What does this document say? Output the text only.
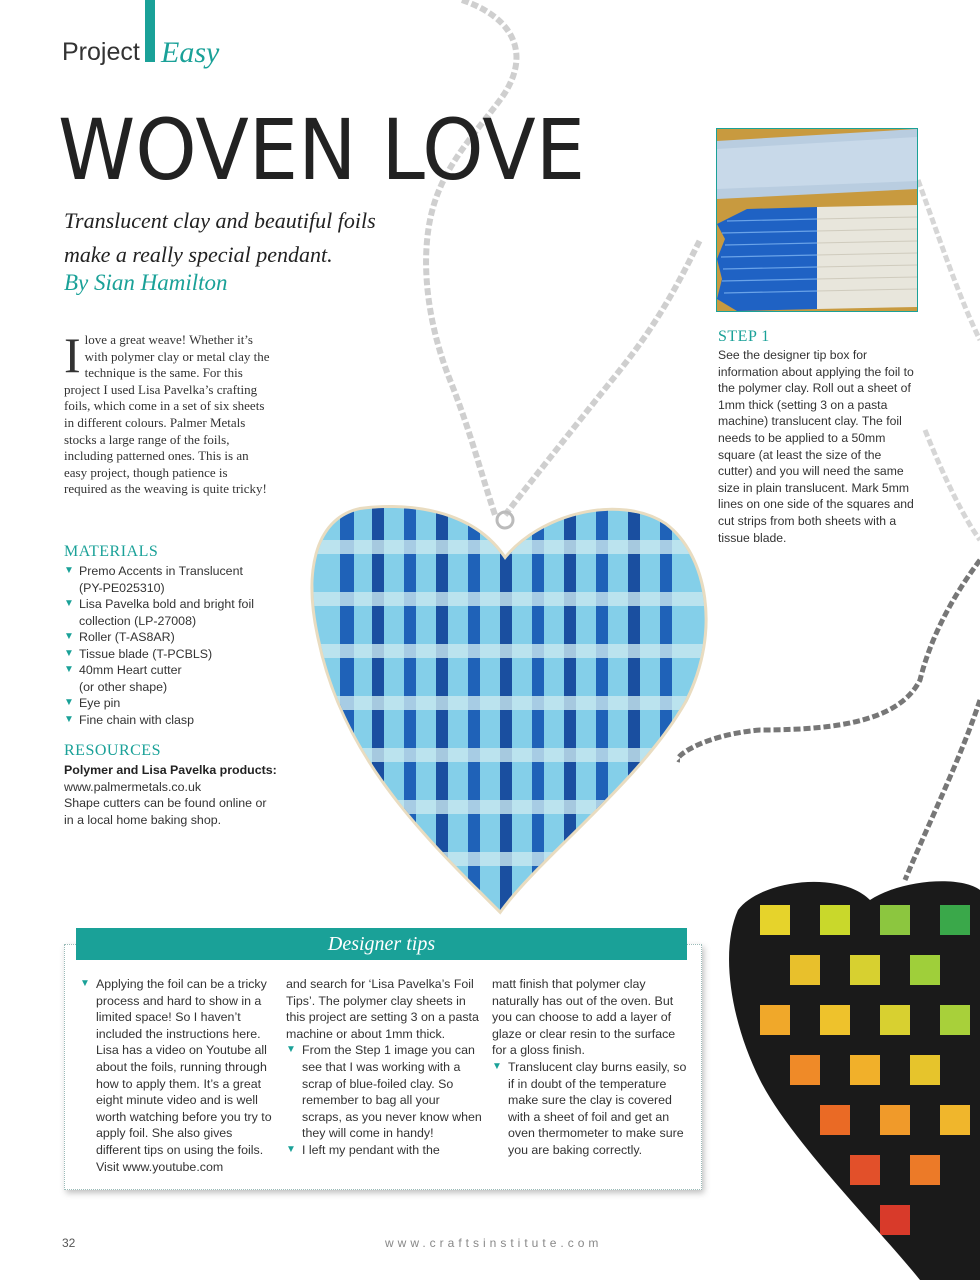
Project Easy
WOVEN LOVE
Translucent clay and beautiful foils
make a really special pendant.
By Sian Hamilton
Ilove a great weave! Whether it’s with polymer clay or metal clay the technique is the same. For this project I used Lisa Pavelka’s crafting foils, which come in a set of six sheets in different colours. Palmer Metals stocks a large range of the foils, including patterned ones. This is an easy project, though patience is required as the weaving is quite tricky!
MATERIALS
▼ Premo Accents in Translucent
(PY-PE025310)
▼ Lisa Pavelka bold and bright foil
collection (LP-27008)
▼ Roller (T-AS8AR)
▼ Tissue blade (T-PCBLS)
▼ 40mm Heart cutter
(or other shape)
▼ Eye pin
▼ Fine chain with clasp
RESOURCES
Polymer and Lisa Pavelka products:
www.palmermetals.co.uk
Shape cutters can be found online or
in a local home baking shop.
STEP 1
See the designer tip box for information about applying the foil to the polymer clay. Roll out a sheet of 1mm thick (setting 3 on a pasta machine) translucent clay. The foil needs to be applied to a 50mm square (at least the size of the cutter) and you will need the same size in plain translucent. Mark 5mm lines on one side of the squares and cut strips from both sheets with a tissue blade.
Designer tips

▼ Applying the foil can be a tricky process and hard to show in a limited space! So I haven’t included the instructions here. Lisa has a video on Youtube all about the foils, running through how to apply them. It’s a great eight minute video and is well worth watching before you try to apply foil. She also gives different tips on using the foils. Visit www.youtube.com

and search for ‘Lisa Pavelka’s Foil Tips’. The polymer clay sheets in this project are setting 3 on a pasta machine or about 1mm thick.

▼ From the Step 1 image you can see that I was working with a scrap of blue-foiled clay. So remember to bag all your scraps, as you never know when they will come in handy!

▼ I left my pendant with the

matt finish that polymer clay naturally has out of the oven. But you can choose to add a layer of glaze or clear resin to the surface for a gloss finish.

▼ Translucent clay burns easily, so if in doubt of the temperature make sure the clay is covered with a sheet of foil and get an oven thermometer to make sure you are baking correctly.

32	www.craftsinstitute.com
